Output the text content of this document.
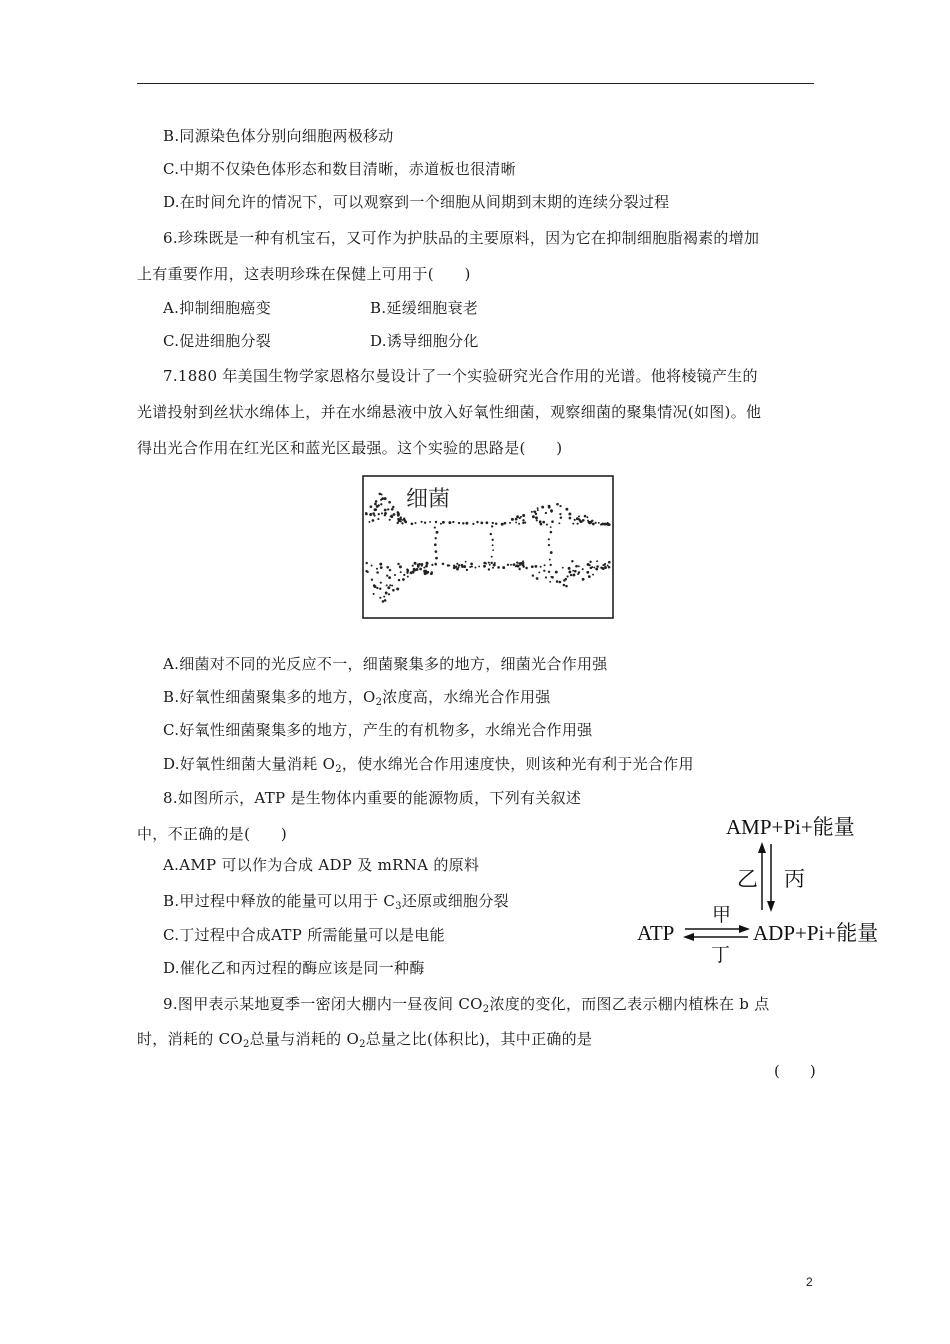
B.同源染色体分别向细胞两极移动
C.中期不仅染色体形态和数目清晰，赤道板也很清晰
D.在时间允许的情况下，可以观察到一个细胞从间期到末期的连续分裂过程
6.珍珠既是一种有机宝石，又可作为护肤品的主要原料，因为它在抑制细胞脂褐素的增加
上有重要作用，这表明珍珠在保健上可用于(　　)
A.抑制细胞癌变	B.延缓细胞衰老
C.促进细胞分裂	D.诱导细胞分化
7.1880 年美国生物学家恩格尔曼设计了一个实验研究光合作用的光谱。他将棱镜产生的
光谱投射到丝状水绵体上，并在水绵悬液中放入好氧性细菌，观察细菌的聚集情况(如图)。他
得出光合作用在红光区和蓝光区最强。这个实验的思路是(　　)
细菌
A.细菌对不同的光反应不一，细菌聚集多的地方，细菌光合作用强
B.好氧性细菌聚集多的地方，$O_2$浓度高，水绵光合作用强
C.好氧性细菌聚集多的地方，产生的有机物多，水绵光合作用强
D.好氧性细菌大量消耗 $O_2$，使水绵光合作用速度快，则该种光有利于光合作用
8.如图所示，ATP 是生物体内重要的能源物质，下列有关叙述
中，不正确的是(　　)
A.AMP 可以作为合成 ADP 及 mRNA 的原料
B.甲过程中释放的能量可以用于 $C_3$还原或细胞分裂
C.丁过程中合成ATP 所需能量可以是电能
D.催化乙和丙过程的酶应该是同一种酶
AMP+Pi+能量
乙 丙
ATP
甲
丁
ADP+Pi+能量
9.图甲表示某地夏季一密闭大棚内一昼夜间 $CO_2$浓度的变化，而图乙表示棚内植株在 b 点
时，消耗的 $CO_2$总量与消耗的 $O_2$总量之比(体积比)，其中正确的是
(　　)
2
